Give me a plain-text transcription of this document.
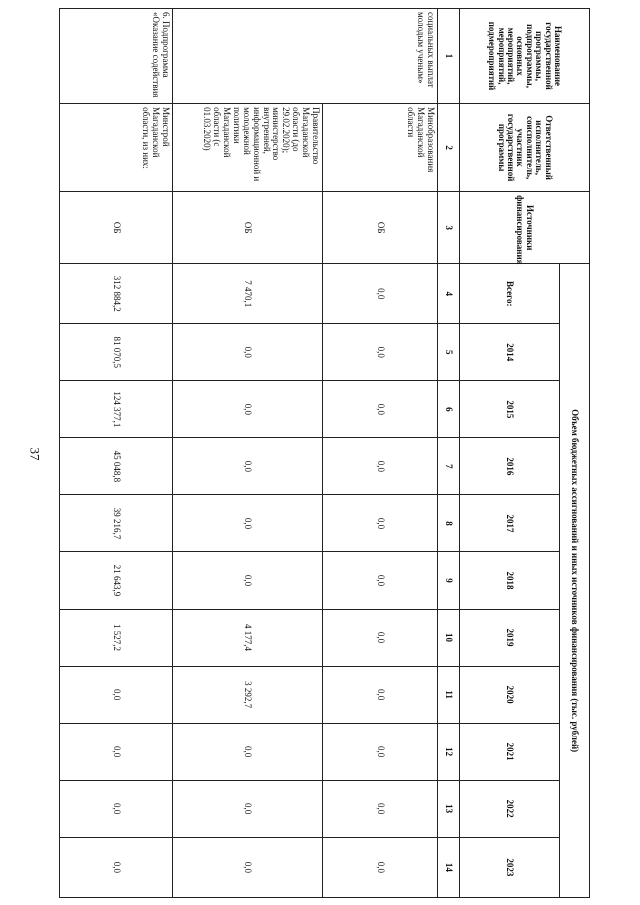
37
Наименование государственной программы, подпрограммы, основных мероприятий, мероприятий, подмероприятий	Ответственный исполнитель, соисполнитель, участник государственной программы	Источники финансирования	Объем бюджетных ассигнований и иных источников финансирования (тыс. рублей)										
			Всего:	2014	2015	2016	2017	2018	2019	2020	2021	2022	2023
1	2	3	4	5	6	7	8	9	10	11	12	13	14
социальных выплат молодым ученым»	Минобразования Магаданской области	ОБ	0,0	0,0	0,0	0,0	0,0	0,0	0,0	0,0	0,0	0,0	0,0
	Правительство Магаданской области (до 29.02.2020); министерство внутренней, информационной и молодежной политики Магаданской области (с 01.03.2020)	ОБ	7 470,1	0,0	0,0	0,0	0,0	0,0	4 177,4	3 292,7	0,0	0,0	0,0
6. Подпрограмма «Оказание содействия	Минстрой Магаданской области, из них:	ОБ	312 884,2	81 070,5	124 377,1	45 048,8	39 216,7	21 643,9	1 527,2	0,0	0,0	0,0	0,0
